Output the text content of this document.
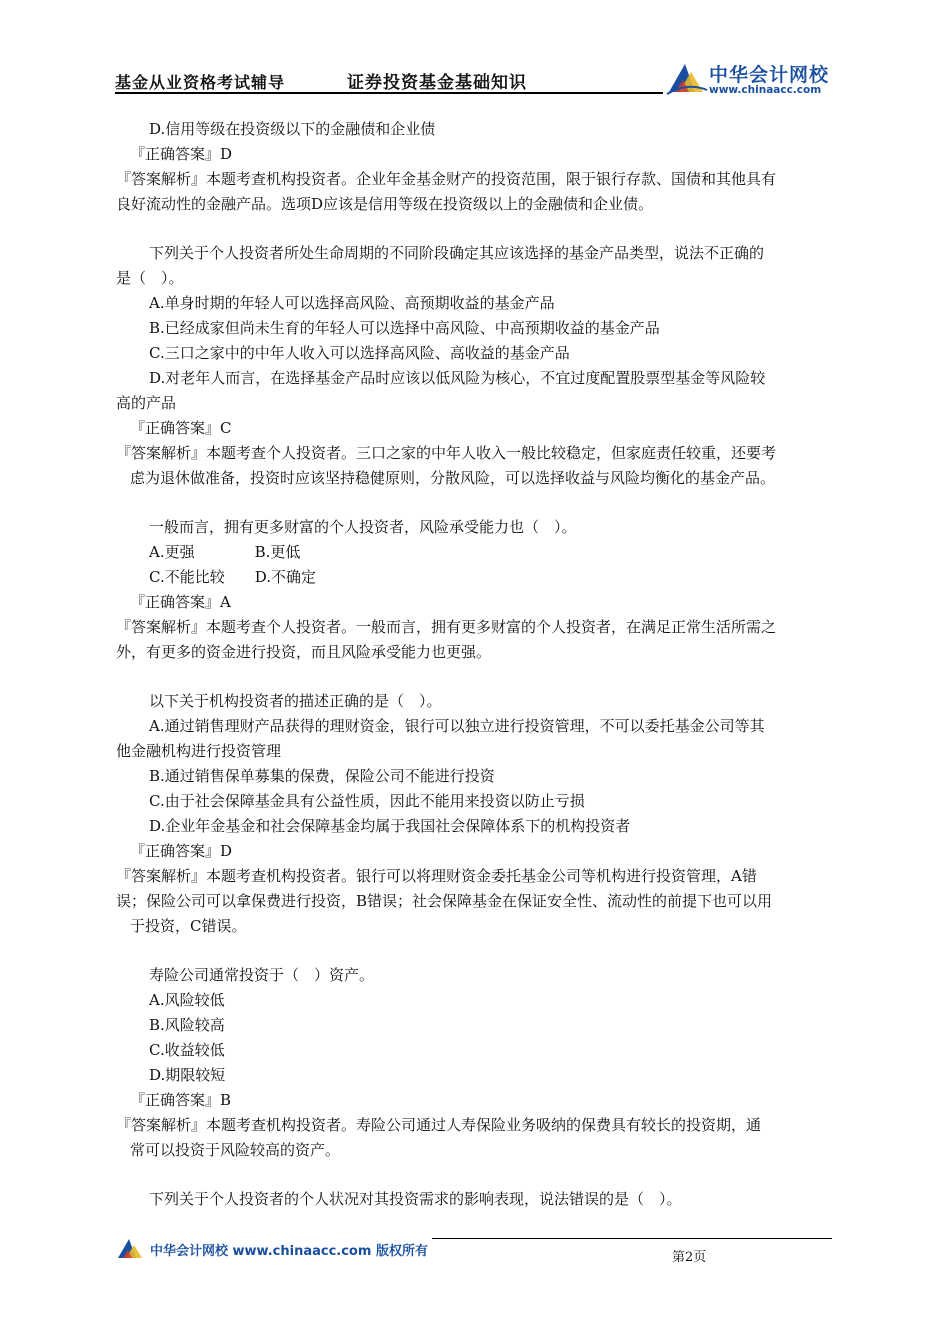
基金从业资格考试辅导	证券投资基金基础知识	中华会计网校
www.chinaacc.com
D.信用等级在投资级以下的金融债和企业债
『正确答案』D
『答案解析』本题考查机构投资者。企业年金基金财产的投资范围，限于银行存款、国债和其他具有
良好流动性的金融产品。选项D应该是信用等级在投资级以上的金融债和企业债。
下列关于个人投资者所处生命周期的不同阶段确定其应该选择的基金产品类型，说法不正确的
是（　）。
A.单身时期的年轻人可以选择高风险、高预期收益的基金产品
B.已经成家但尚未生育的年轻人可以选择中高风险、中高预期收益的基金产品
C.三口之家中的中年人收入可以选择高风险、高收益的基金产品
D.对老年人而言，在选择基金产品时应该以低风险为核心，不宜过度配置股票型基金等风险较
高的产品
『正确答案』C
『答案解析』本题考查个人投资者。三口之家的中年人收入一般比较稳定，但家庭责任较重，还要考
虑为退休做准备，投资时应该坚持稳健原则，分散风险，可以选择收益与风险均衡化的基金产品。
一般而言，拥有更多财富的个人投资者，风险承受能力也（　）。
A.更强　　　　B.更低
C.不能比较　　D.不确定
『正确答案』A
『答案解析』本题考查个人投资者。一般而言，拥有更多财富的个人投资者，在满足正常生活所需之
外，有更多的资金进行投资，而且风险承受能力也更强。
以下关于机构投资者的描述正确的是（　）。
A.通过销售理财产品获得的理财资金，银行可以独立进行投资管理，不可以委托基金公司等其
他金融机构进行投资管理
B.通过销售保单募集的保费，保险公司不能进行投资
C.由于社会保障基金具有公益性质，因此不能用来投资以防止亏损
D.企业年金基金和社会保障基金均属于我国社会保障体系下的机构投资者
『正确答案』D
『答案解析』本题考查机构投资者。银行可以将理财资金委托基金公司等机构进行投资管理，A错
误；保险公司可以拿保费进行投资，B错误；社会保障基金在保证安全性、流动性的前提下也可以用
于投资，C错误。
寿险公司通常投资于（　）资产。
A.风险较低
B.风险较高
C.收益较低
D.期限较短
『正确答案』B
『答案解析』本题考查机构投资者。寿险公司通过人寿保险业务吸纳的保费具有较长的投资期，通
常可以投资于风险较高的资产。
下列关于个人投资者的个人状况对其投资需求的影响表现，说法错误的是（　）。
中华会计网校 www.chinaacc.com 版权所有	第2页
